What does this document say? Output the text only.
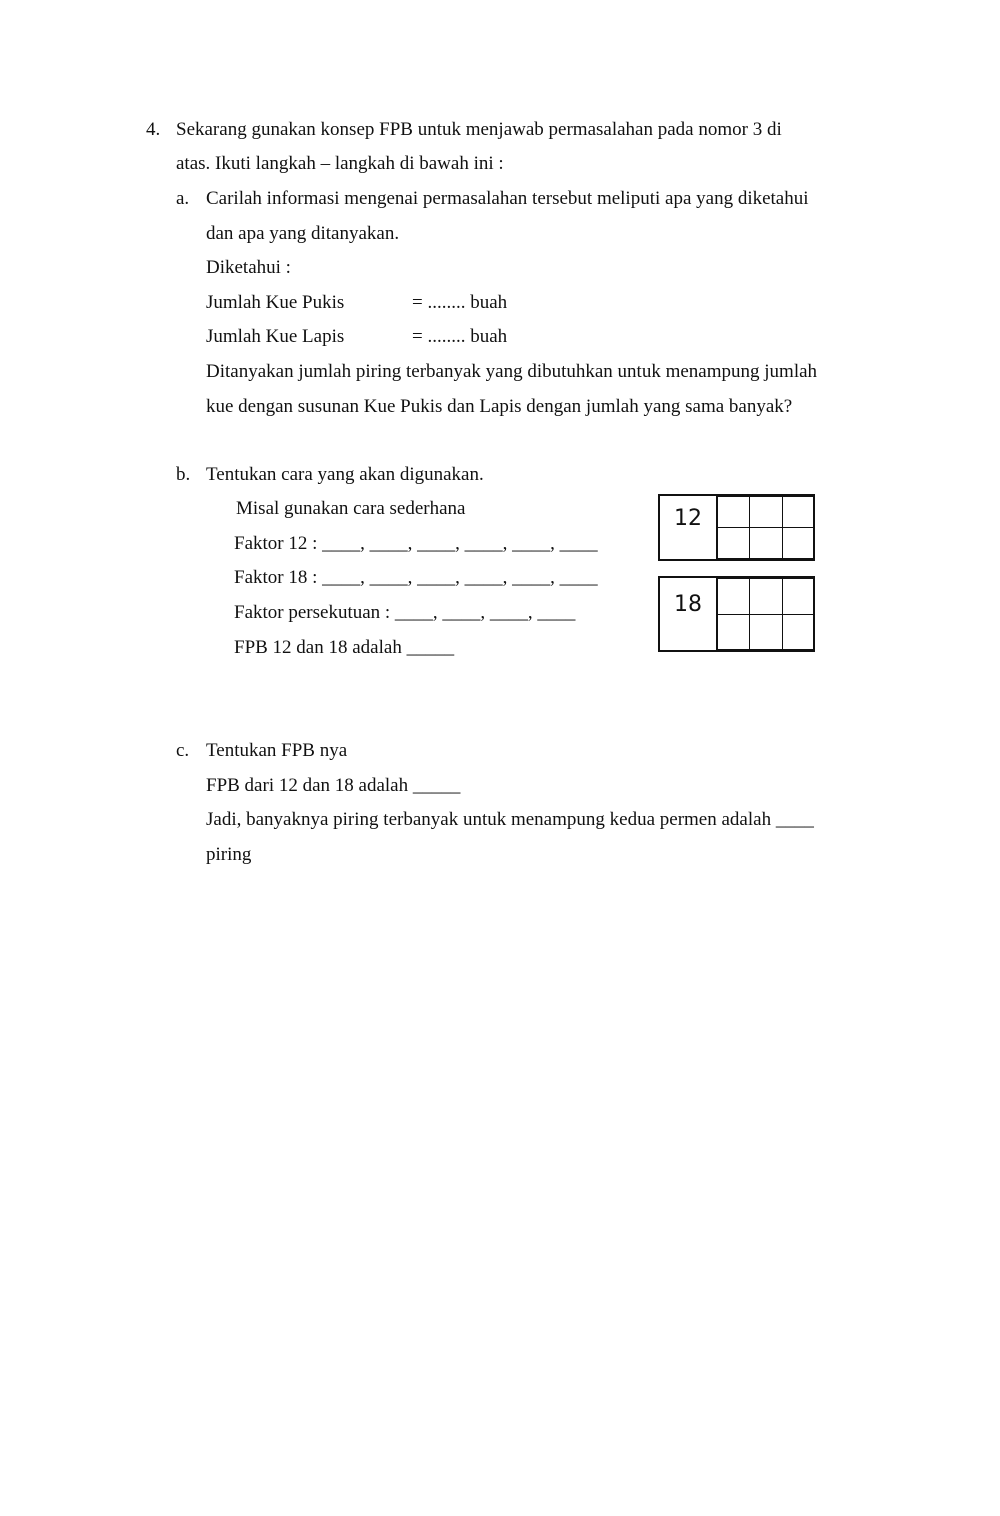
4. Sekarang gunakan konsep FPB untuk menjawab permasalahan pada nomor 3 di
atas. Ikuti langkah – langkah di bawah ini :
a. Carilah informasi mengenai permasalahan tersebut meliputi apa yang diketahui
dan apa yang ditanyakan.
Diketahui :
Jumlah Kue Pukis	= ........ buah
Jumlah Kue Lapis	= ........ buah
Ditanyakan jumlah piring terbanyak yang dibutuhkan untuk menampung jumlah
kue dengan susunan Kue Pukis dan Lapis dengan jumlah yang sama banyak?
b. Tentukan cara yang akan digunakan.
Misal gunakan cara sederhana
Faktor 12 : ____, ____, ____, ____, ____, ____
Faktor 18 : ____, ____, ____, ____, ____, ____
Faktor persekutuan : ____, ____, ____, ____
FPB 12 dan 18 adalah _____
12
18
c. Tentukan FPB nya
FPB dari 12 dan 18 adalah _____
Jadi, banyaknya piring terbanyak untuk menampung kedua permen adalah ____
piring
